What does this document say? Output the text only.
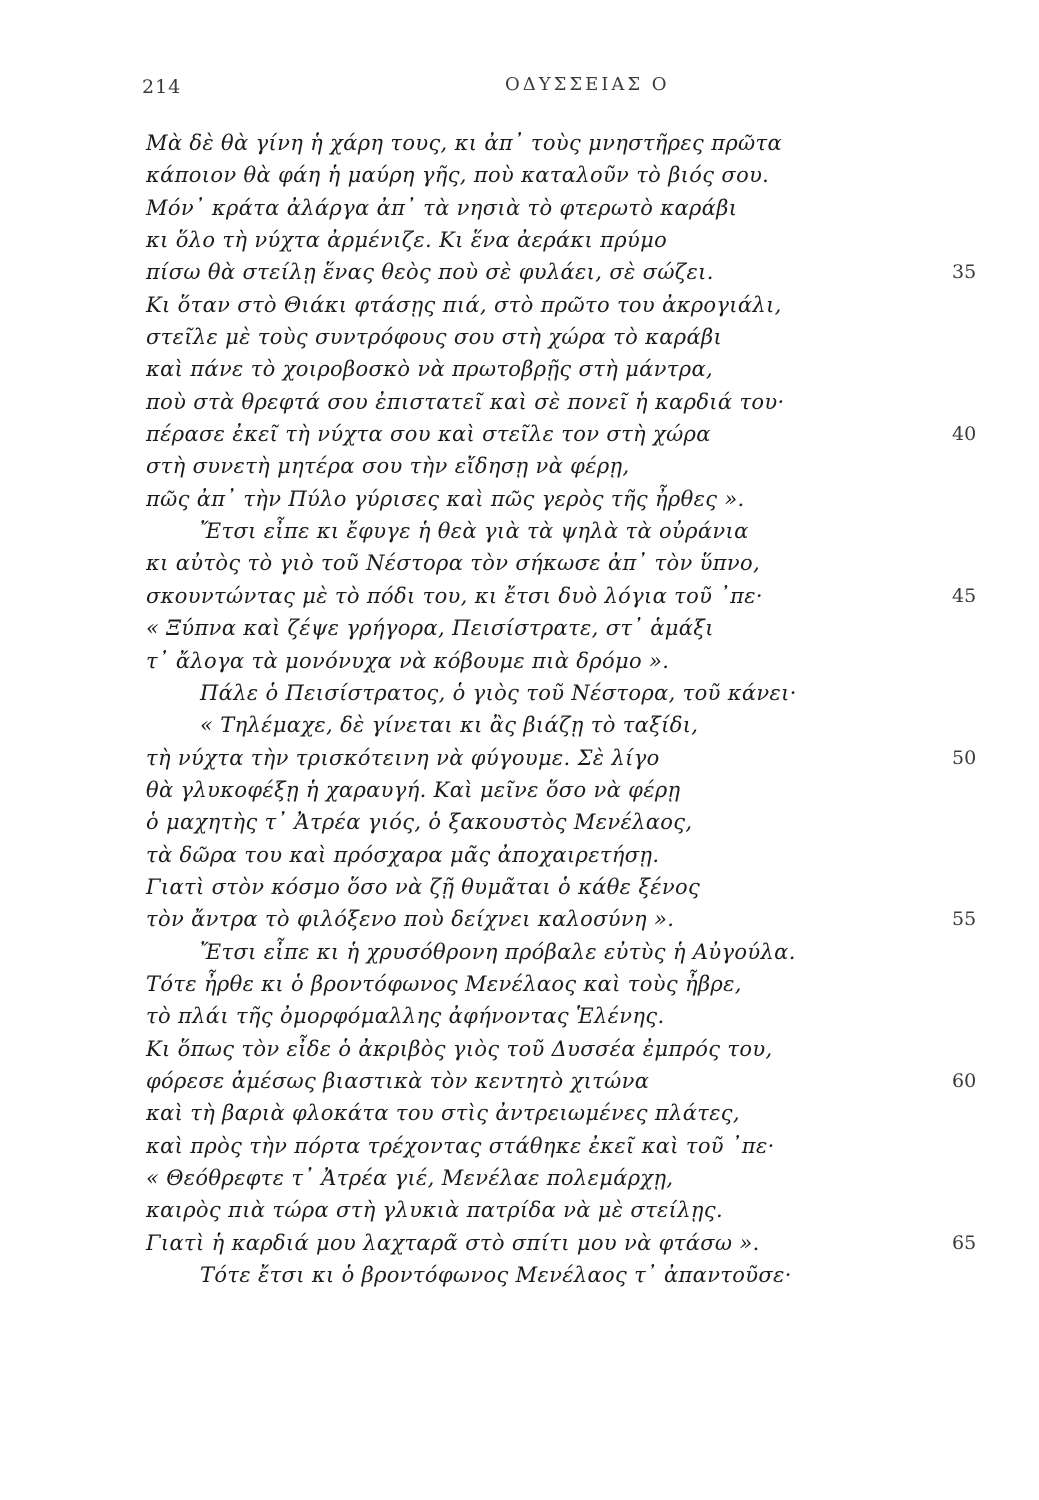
214	ΟΔΥΣΣΕΙΑΣ Ο
Μὰ δὲ θὰ γίνη ἡ χάρη τους, κι ἀπ᾽ τοὺς μνηστῆρες πρῶτα
κάποιον θὰ φάη ἡ μαύρη γῆς, ποὺ καταλοῦν τὸ βιός σου.
Μόν᾽ κράτα ἀλάργα ἀπ᾽ τὰ νησιὰ τὸ φτερωτὸ καράβι
κι ὅλο τὴ νύχτα ἀρμένιζε. Κι ἕνα ἀεράκι πρύμο
πίσω θὰ στείλῃ ἕνας θεὸς ποὺ σὲ φυλάει, σὲ σώζει.	35
Κι ὅταν στὸ Θιάκι φτάσῃς πιά, στὸ πρῶτο του ἀκρογιάλι,
στεῖλε μὲ τοὺς συντρόφους σου στὴ χώρα τὸ καράβι
καὶ πάνε τὸ χοιροβοσκὸ νὰ πρωτοβρῇς στὴ μάντρα,
ποὺ στὰ θρεφτά σου ἐπιστατεῖ καὶ σὲ πονεῖ ἡ καρδιά του·
πέρασε ἐκεῖ τὴ νύχτα σου καὶ στεῖλε τον στὴ χώρα	40
στὴ συνετὴ μητέρα σου τὴν εἴδησῃ νὰ φέρῃ,
πῶς ἀπ᾽ τὴν Πύλο γύρισες καὶ πῶς γερὸς τῆς ἦρθες ».
Ἔτσι εἶπε κι ἔφυγε ἡ θεὰ γιὰ τὰ ψηλὰ τὰ οὐράνια
κι αὐτὸς τὸ γιὸ τοῦ Νέστορα τὸν σήκωσε ἀπ᾽ τὸν ὕπνο,
σκουντώντας μὲ τὸ πόδι του, κι ἔτσι δυὸ λόγια τοῦ ᾽πε·	45
« Ξύπνα καὶ ζέψε γρήγορα, Πεισίστρατε, στ᾽ ἁμάξι
τ᾽ ἄλογα τὰ μονόνυχα νὰ κόβουμε πιὰ δρόμο ».
Πάλε ὁ Πεισίστρατος, ὁ γιὸς τοῦ Νέστορα, τοῦ κάνει·
« Τηλέμαχε, δὲ γίνεται κι ἂς βιάζῃ τὸ ταξίδι,
τὴ νύχτα τὴν τρισκότεινη νὰ φύγουμε. Σὲ λίγο	50
θὰ γλυκοφέξῃ ἡ χαραυγή. Καὶ μεῖνε ὅσο νὰ φέρῃ
ὁ μαχητὴς τ᾽ Ἀτρέα γιός, ὁ ξακουστὸς Μενέλαος,
τὰ δῶρα του καὶ πρόσχαρα μᾶς ἀποχαιρετήσῃ.
Γιατὶ στὸν κόσμο ὅσο νὰ ζῇ θυμᾶται ὁ κάθε ξένος
τὸν ἄντρα τὸ φιλόξενο ποὺ δείχνει καλοσύνη ».	55
Ἔτσι εἶπε κι ἡ χρυσόθρονη πρόβαλε εὐτὺς ἡ Αὐγούλα.
Τότε ἦρθε κι ὁ βροντόφωνος Μενέλαος καὶ τοὺς ἦβρε,
τὸ πλάι τῆς ὀμορφόμαλλης ἀφήνοντας Ἑλένης.
Κι ὅπως τὸν εἶδε ὁ ἀκριβὸς γιὸς τοῦ Δυσσέα ἐμπρός του,
φόρεσε ἀμέσως βιαστικὰ τὸν κεντητὸ χιτώνα	60
καὶ τὴ βαριὰ φλοκάτα του στὶς ἀντρειωμένες πλάτες,
καὶ πρὸς τὴν πόρτα τρέχοντας στάθηκε ἐκεῖ καὶ τοῦ ᾽πε·
« Θεόθρεφτε τ᾽ Ἀτρέα γιέ, Μενέλαε πολεμάρχῃ,
καιρὸς πιὰ τώρα στὴ γλυκιὰ πατρίδα νὰ μὲ στείλῃς.
Γιατὶ ἡ καρδιά μου λαχταρᾶ στὸ σπίτι μου νὰ φτάσω ».	65
Τότε ἔτσι κι ὁ βροντόφωνος Μενέλαος τ᾽ ἀπαντοῦσε·
